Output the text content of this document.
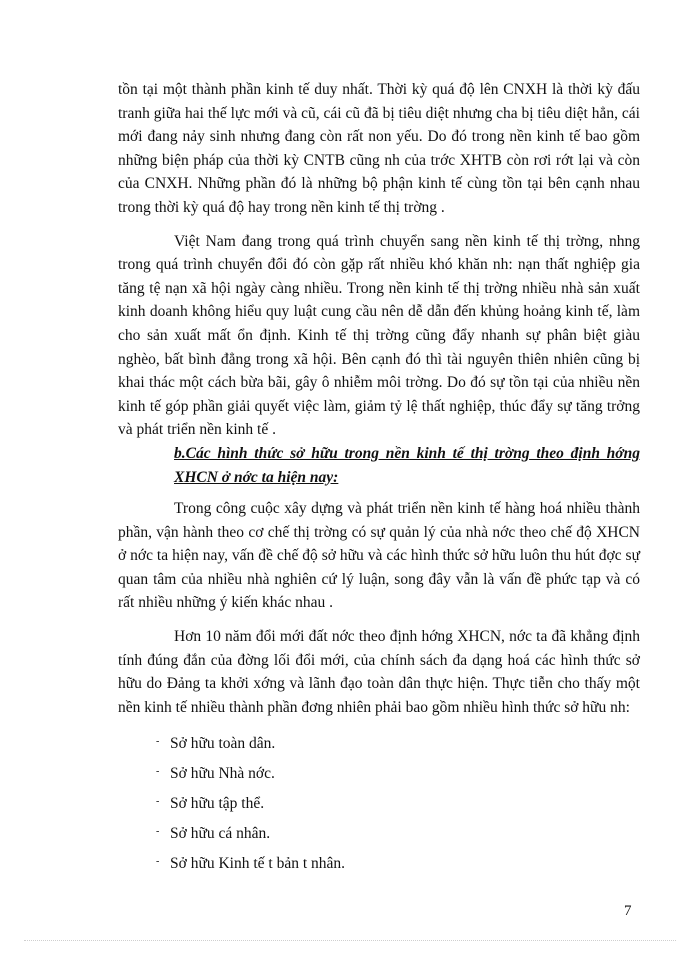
tồn tại một thành phần kinh tế duy nhất. Thời kỳ quá độ lên CNXH là thời kỳ đấu tranh giữa hai thế lực mới và cũ, cái cũ đã bị tiêu diệt nhưng cha bị tiêu diệt hẳn, cái mới đang nảy sinh nhưng đang còn rất non yếu. Do đó trong nền kinh tế bao gồm những biện pháp của thời kỳ CNTB cũng nh của trớc XHTB còn rơi rớt lại và còn của CNXH. Những phần đó là những bộ phận kinh tế cùng tồn tại bên cạnh nhau trong thời kỳ quá độ hay trong nền kinh tế thị trờng .

Việt Nam đang trong quá trình chuyển sang nền kinh tế thị trờng, nhng trong quá trình chuyển đổi đó còn gặp rất nhiều khó khăn nh: nạn thất nghiệp gia tăng tệ nạn xã hội ngày càng nhiều. Trong nền kinh tế thị trờng nhiều nhà sản xuất kinh doanh không hiểu quy luật cung cầu nên dễ dẫn đến khủng hoảng kinh tế, làm cho sản xuất mất ổn định. Kinh tế thị trờng cũng đẩy nhanh sự phân biệt giàu nghèo, bất bình đẳng trong xã hội. Bên cạnh đó thì tài nguyên thiên nhiên cũng bị khai thác một cách bừa bãi, gây ô nhiễm môi trờng. Do đó sự tồn tại của nhiều nền kinh tế góp phần giải quyết việc làm, giảm tỷ lệ thất nghiệp, thúc đẩy sự tăng trởng và phát triển nền kinh tế .

b.Các hình thức sở hữu trong nền kinh tế thị trờng theo định hớng XHCN ở nớc ta hiện nay:

Trong công cuộc xây dựng và phát triển nền kinh tế hàng hoá nhiều thành phần, vận hành theo cơ chế thị trờng có sự quản lý của nhà nớc theo chế độ XHCN ở nớc ta hiện nay, vấn đề chế độ sở hữu và các hình thức sở hữu luôn thu hút đợc sự quan tâm của nhiều nhà nghiên cứ lý luận, song đây vẫn là vấn đề phức tạp và có rất nhiều những ý kiến khác nhau .

Hơn 10 năm đổi mới đất nớc theo định hớng XHCN, nớc ta đã khẳng định tính đúng đắn của đờng lối đổi mới, của chính sách đa dạng hoá các hình thức sở hữu do Đảng ta khởi xớng và lãnh đạo toàn dân thực hiện. Thực tiễn cho thấy một nền kinh tế nhiều thành phần đơng nhiên phải bao gồm nhiều hình thức sở hữu nh:

- Sở hữu toàn dân.
- Sở hữu Nhà nớc.
- Sở hữu tập thể.
- Sở hữu cá nhân.
- Sở hữu Kinh tế t bản t nhân.
7
